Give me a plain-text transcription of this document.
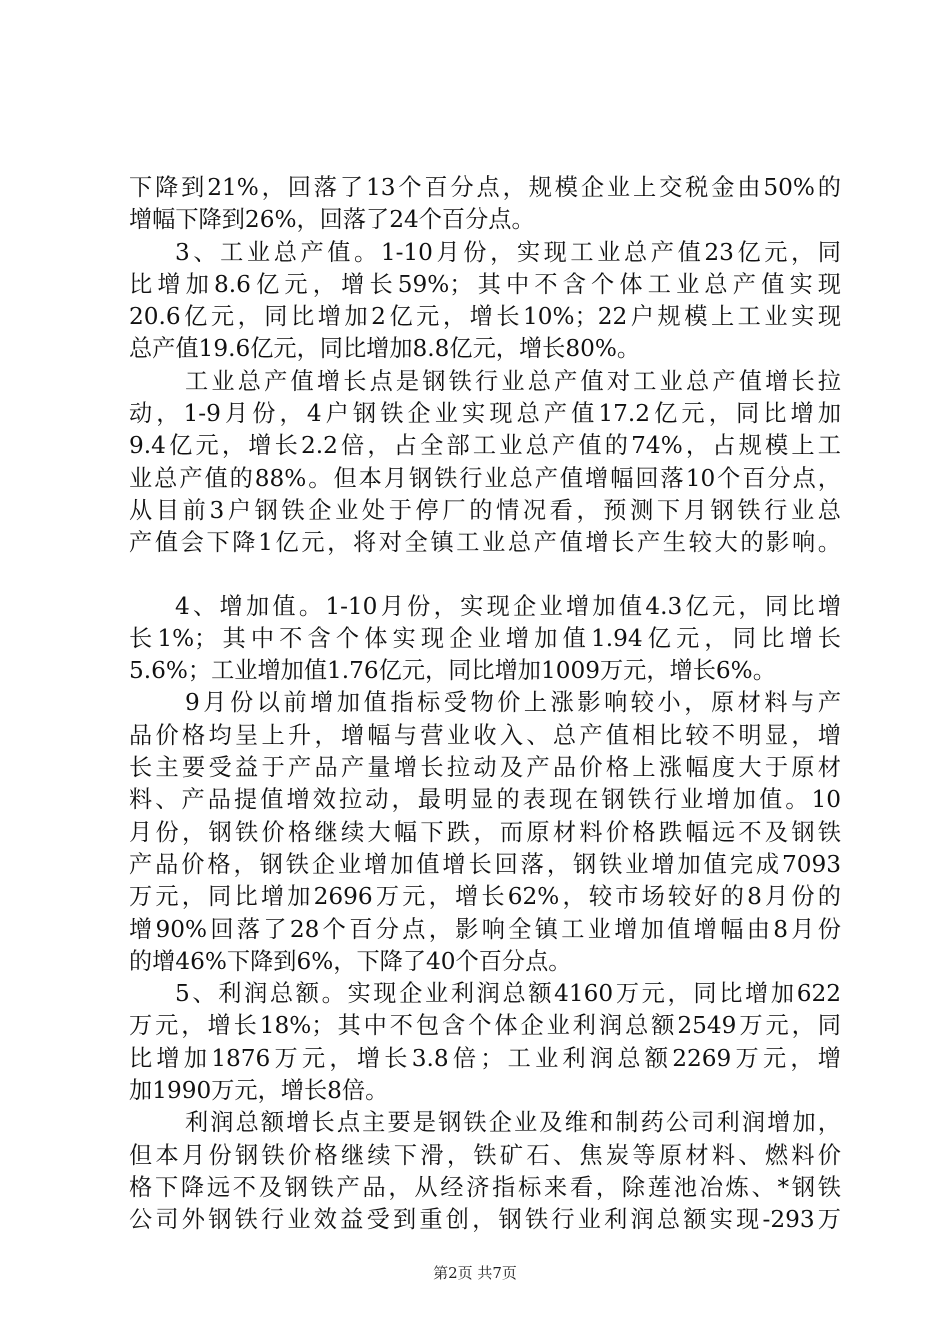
下降到21%，回落了13个百分点，规模企业上交税金由50%的
增幅下降到26%，回落了24个百分点。
3、工业总产值。1-10月份，实现工业总产值23亿元，同
比增加8.6亿元，增长59%；其中不含个体工业总产值实现
20.6亿元，同比增加2亿元，增长10%；22户规模上工业实现
总产值19.6亿元，同比增加8.8亿元，增长80%。
工业总产值增长点是钢铁行业总产值对工业总产值增长拉
动，1-9月份，4户钢铁企业实现总产值17.2亿元，同比增加
9.4亿元，增长2.2倍，占全部工业总产值的74%，占规模上工
业总产值的88%。但本月钢铁行业总产值增幅回落10个百分点，
从目前3户钢铁企业处于停厂的情况看，预测下月钢铁行业总
产值会下降1亿元，将对全镇工业总产值增长产生较大的影响。
4、增加值。1-10月份，实现企业增加值4.3亿元，同比增
长1%；其中不含个体实现企业增加值1.94亿元，同比增长
5.6%；工业增加值1.76亿元，同比增加1009万元，增长6%。
9月份以前增加值指标受物价上涨影响较小，原材料与产
品价格均呈上升，增幅与营业收入、总产值相比较不明显，增
长主要受益于产品产量增长拉动及产品价格上涨幅度大于原材
料、产品提值增效拉动，最明显的表现在钢铁行业增加值。10
月份，钢铁价格继续大幅下跌，而原材料价格跌幅远不及钢铁
产品价格，钢铁企业增加值增长回落，钢铁业增加值完成7093
万元，同比增加2696万元，增长62%，较市场较好的8月份的
增90%回落了28个百分点，影响全镇工业增加值增幅由8月份
的增46%下降到6%，下降了40个百分点。
5、利润总额。实现企业利润总额4160万元，同比增加622
万元，增长18%；其中不包含个体企业利润总额2549万元，同
比增加1876万元，增长3.8倍；工业利润总额2269万元，增
加1990万元，增长8倍。
利润总额增长点主要是钢铁企业及维和制药公司利润增加，
但本月份钢铁价格继续下滑，铁矿石、焦炭等原材料、燃料价
格下降远不及钢铁产品，从经济指标来看，除莲池冶炼、*钢铁
公司外钢铁行业效益受到重创，钢铁行业利润总额实现-293万
第2页 共7页
